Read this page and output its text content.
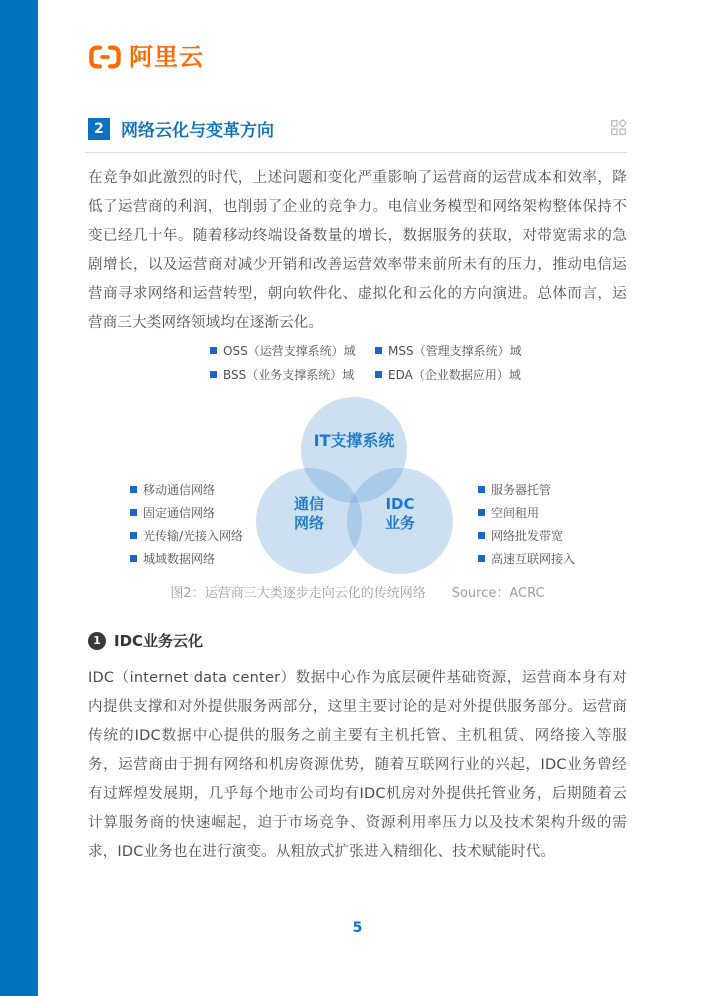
阿里云
2	网络云化与变革方向
在竞争如此激烈的时代，上述问题和变化严重影响了运营商的运营成本和效率，降低了运营商的利润，也削弱了企业的竞争力。电信业务模型和网络架构整体保持不变已经几十年。随着移动终端设备数量的增长，数据服务的获取，对带宽需求的急剧增长，以及运营商对减少开销和改善运营效率带来前所未有的压力，推动电信运营商寻求网络和运营转型，朝向软件化、虚拟化和云化的方向演进。总体而言，运营商三大类网络领域均在逐渐云化。
OSS（运营支撑系统）域
BSS（业务支撑系统）域
MSS（管理支撑系统）域
EDA（企业数据应用）域
IT支撑系统
通信
网络
IDC
业务
移动通信网络
固定通信网络
光传输/光接入网络
城域数据网络
服务器托管
空间租用
网络批发带宽
高速互联网接入
图2：运营商三大类逐步走向云化的传统网络 Source：ACRC
1 IDC业务云化
IDC（internet data center）数据中心作为底层硬件基础资源，运营商本身有对内提供支撑和对外提供服务两部分，这里主要讨论的是对外提供服务部分。运营商传统的IDC数据中心提供的服务之前主要有主机托管、主机租赁、网络接入等服务，运营商由于拥有网络和机房资源优势，随着互联网行业的兴起，IDC业务曾经有过辉煌发展期，几乎每个地市公司均有IDC机房对外提供托管业务，后期随着云计算服务商的快速崛起，迫于市场竞争、资源利用率压力以及技术架构升级的需求，IDC业务也在进行演变。从粗放式扩张进入精细化、技术赋能时代。
5
